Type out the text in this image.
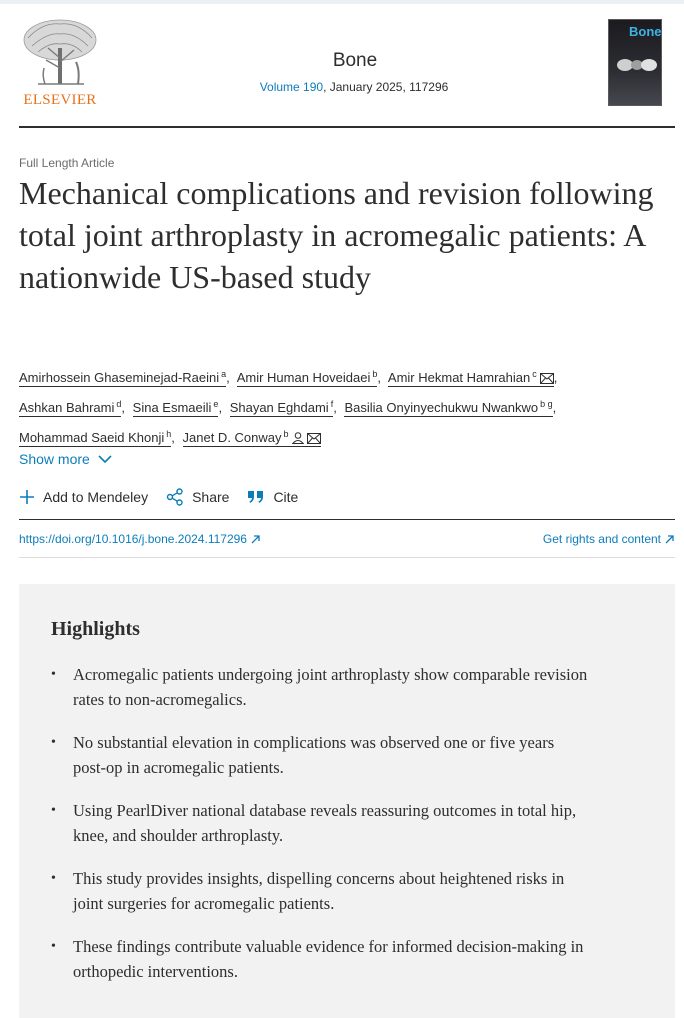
ELSEVIER
Bone
Volume 190, January 2025, 117296
Bone
Full Length Article
Mechanical complications and revision following total joint arthroplasty in acromegalic patients: A nationwide US-based study
Amirhossein Ghaseminejad-Raeini $^a$, Amir Human Hoveidaei $^b$, Amir Hekmat Hamrahian $^c$ ,
Ashkan Bahrami $^d$, Sina Esmaeili $^e$, Shayan Eghdami $^f$, Basilia Onyinyechukwu Nwankwo $^{b g}$,
Mohammad Saeid Khonji $^h$, Janet D. Conway $^b$
Show more
Add to Mendeley	Share	Cite
https://doi.org/10.1016/j.bone.2024.117296	Get rights and content
Highlights
• Acromegalic patients undergoing joint arthroplasty show comparable revision rates to non-acromegalics.
• No substantial elevation in complications was observed one or five years post-op in acromegalic patients.
• Using PearlDiver national database reveals reassuring outcomes in total hip, knee, and shoulder arthroplasty.
• This study provides insights, dispelling concerns about heightened risks in joint surgeries for acromegalic patients.
• These findings contribute valuable evidence for informed decision-making in orthopedic interventions.
